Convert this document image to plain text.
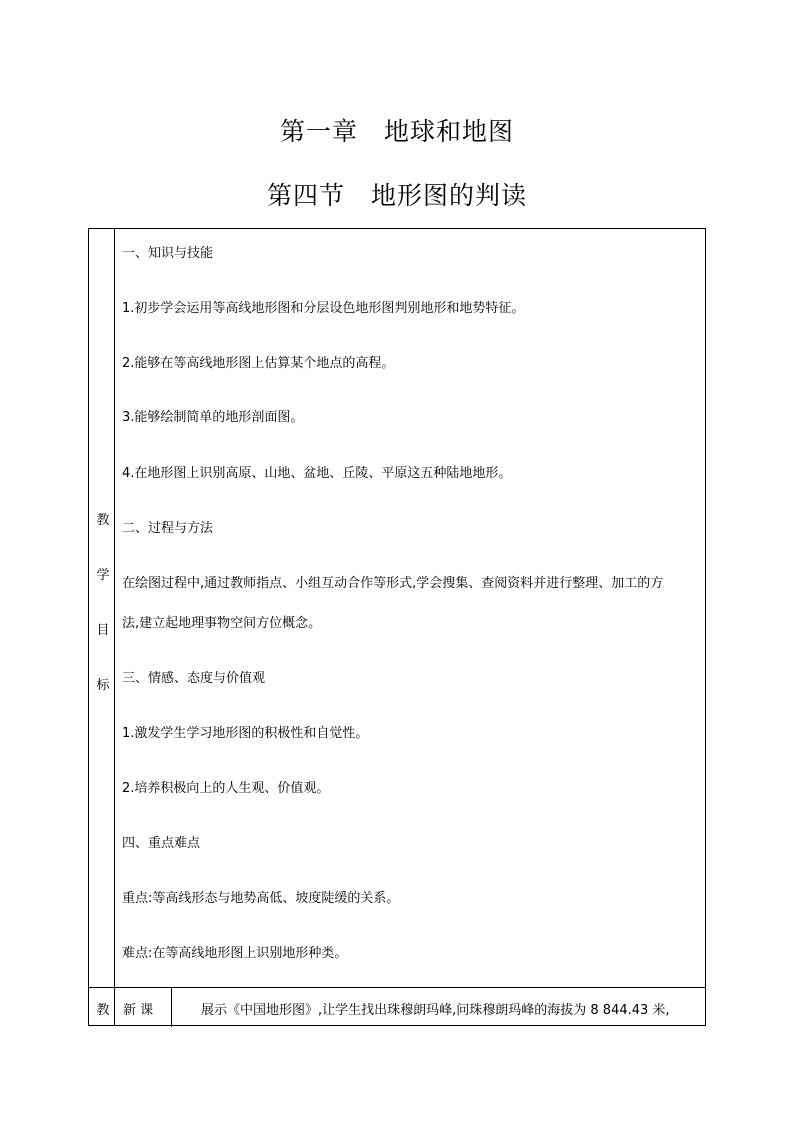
第一章　地球和地图
第四节　地形图的判读
教
学
目
标
教	新 课	展示《中国地形图》,让学生找出珠穆朗玛峰,问珠穆朗玛峰的海拔为 8 844.43 米,
一、知识与技能
1.初步学会运用等高线地形图和分层设色地形图判别地形和地势特征。
2.能够在等高线地形图上估算某个地点的高程。
3.能够绘制简单的地形剖面图。
4.在地形图上识别高原、山地、盆地、丘陵、平原这五种陆地地形。
二、过程与方法
在绘图过程中,通过教师指点、小组互动合作等形式,学会搜集、查阅资料并进行整理、加工的方
法,建立起地理事物空间方位概念。
三、情感、态度与价值观
1.激发学生学习地形图的积极性和自觉性。
2.培养积极向上的人生观、价值观。
四、重点难点
重点:等高线形态与地势高低、坡度陡缓的关系。
难点:在等高线地形图上识别地形种类。
